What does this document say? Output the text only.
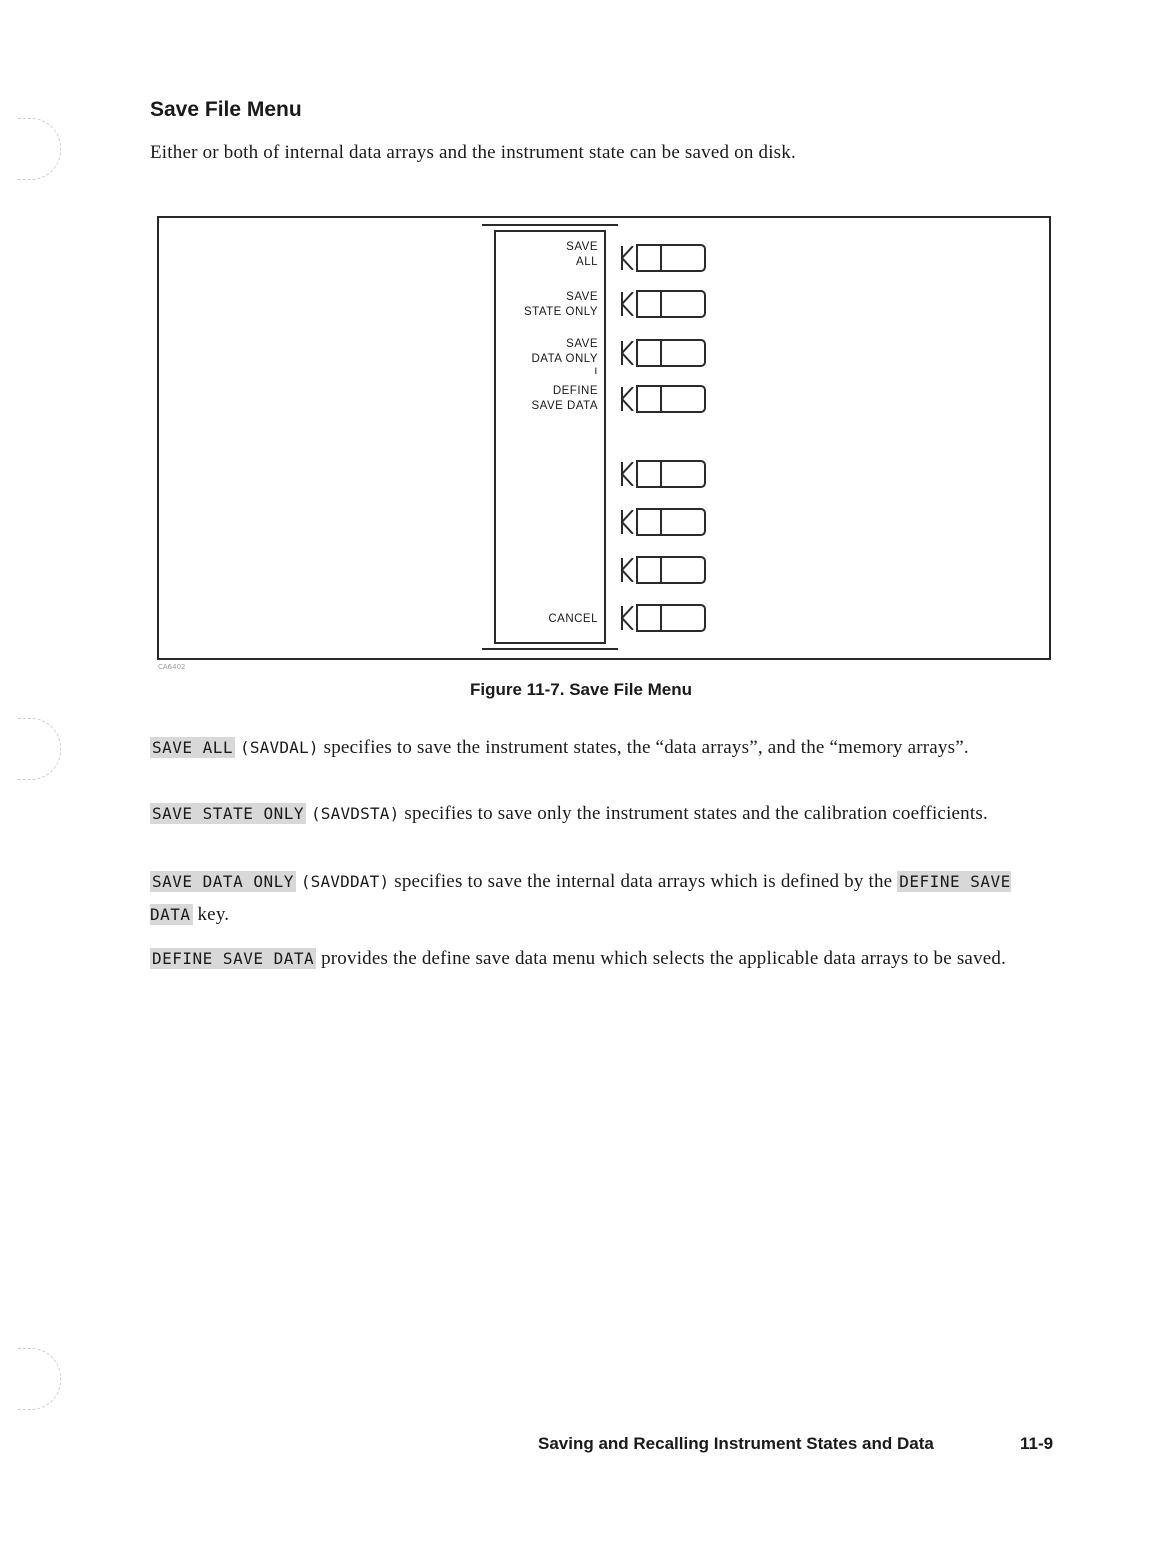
Save File Menu

Either or both of internal data arrays and the instrument state can be saved on disk.

CA6402
SAVE
ALL
SAVE
STATE ONLY
SAVE
DATA ONLY
ı
DEFINE
SAVE DATA
CANCEL
Figure 11-7. Save File Menu

SAVE ALL (SAVDAL) specifies to save the instrument states, the “data arrays”, and the “memory arrays”.

SAVE STATE ONLY (SAVDSTA) specifies to save only the instrument states and the calibration coefficients.

SAVE DATA ONLY (SAVDDAT) specifies to save the internal data arrays which is defined by the DEFINE SAVE DATA key.

DEFINE SAVE DATA provides the define save data menu which selects the applicable data arrays to be saved.

Saving and Recalling Instrument States and Data	11-9
